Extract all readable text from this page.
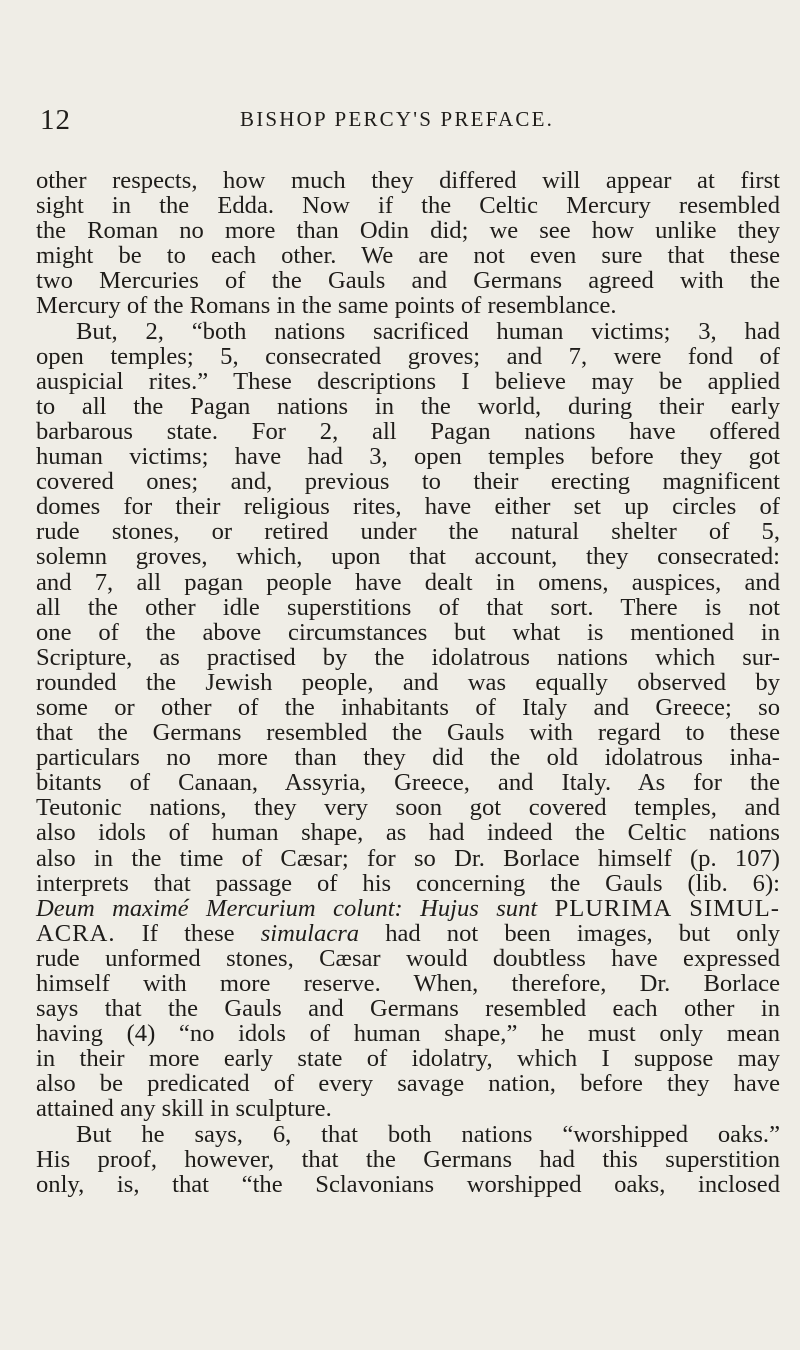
12	BISHOP PERCY'S PREFACE.
other respects, how much they differed will appear at first
sight in the Edda. Now if the Celtic Mercury resembled
the Roman no more than Odin did; we see how unlike they
might be to each other. We are not even sure that these
two Mercuries of the Gauls and Germans agreed with the
Mercury of the Romans in the same points of resemblance.
But, 2, “both nations sacrificed human victims; 3, had
open temples; 5, consecrated groves; and 7, were fond of
auspicial rites.” These descriptions I believe may be applied
to all the Pagan nations in the world, during their early
barbarous state. For 2, all Pagan nations have offered
human victims; have had 3, open temples before they got
covered ones; and, previous to their erecting magnificent
domes for their religious rites, have either set up circles of
rude stones, or retired under the natural shelter of 5,
solemn groves, which, upon that account, they consecrated:
and 7, all pagan people have dealt in omens, auspices, and
all the other idle superstitions of that sort. There is not
one of the above circumstances but what is mentioned in
Scripture, as practised by the idolatrous nations which sur-
rounded the Jewish people, and was equally observed by
some or other of the inhabitants of Italy and Greece; so
that the Germans resembled the Gauls with regard to these
particulars no more than they did the old idolatrous inha-
bitants of Canaan, Assyria, Greece, and Italy. As for the
Teutonic nations, they very soon got covered temples, and
also idols of human shape, as had indeed the Celtic nations
also in the time of Cæsar; for so Dr. Borlace himself (p. 107)
interprets that passage of his concerning the Gauls (lib. 6):
Deum maximé Mercurium colunt: Hujus sunt PLURIMA SIMUL-
ACRA. If these simulacra had not been images, but only
rude unformed stones, Cæsar would doubtless have expressed
himself with more reserve. When, therefore, Dr. Borlace
says that the Gauls and Germans resembled each other in
having (4) “no idols of human shape,” he must only mean
in their more early state of idolatry, which I suppose may
also be predicated of every savage nation, before they have
attained any skill in sculpture.
But he says, 6, that both nations “worshipped oaks.”
His proof, however, that the Germans had this superstition
only, is, that “the Sclavonians worshipped oaks, inclosed
